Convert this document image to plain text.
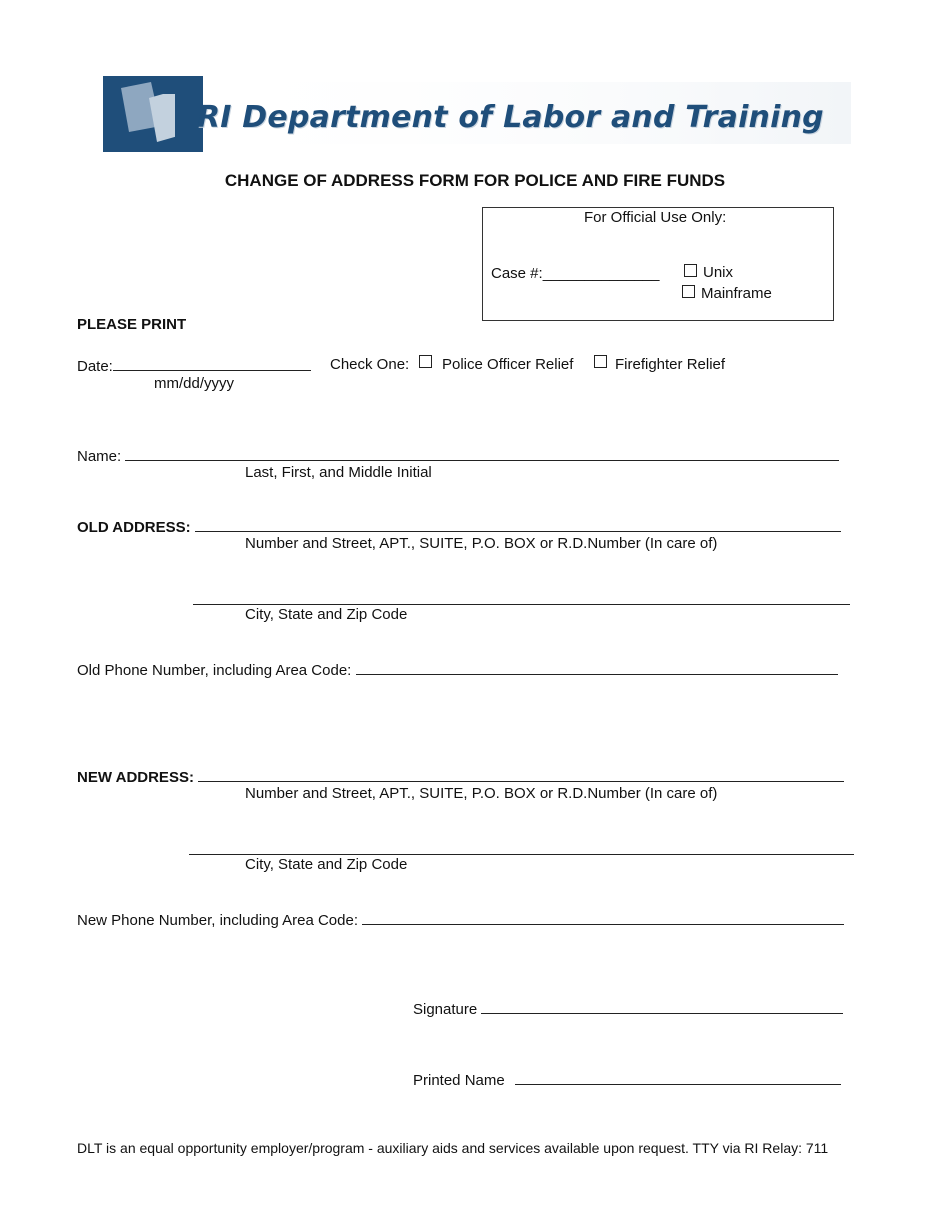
RI Department of Labor and Training
CHANGE OF ADDRESS FORM FOR POLICE AND FIRE FUNDS
For Official Use Only:
Case #:______________	Unix
Mainframe
PLEASE PRINT
Date:
mm/dd/yyyy
Check One: Police Officer Relief	Firefighter Relief
Name:
Last, First, and Middle Initial
OLD ADDRESS:
Number and Street, APT., SUITE, P.O. BOX or R.D.Number (In care of)
City, State and Zip Code
Old Phone Number, including Area Code:
NEW ADDRESS:
Number and Street, APT., SUITE, P.O. BOX or R.D.Number (In care of)
City, State and Zip Code
New Phone Number, including Area Code:
Signature
Printed Name
DLT is an equal opportunity employer/program - auxiliary aids and services available upon request. TTY via RI Relay: 711
